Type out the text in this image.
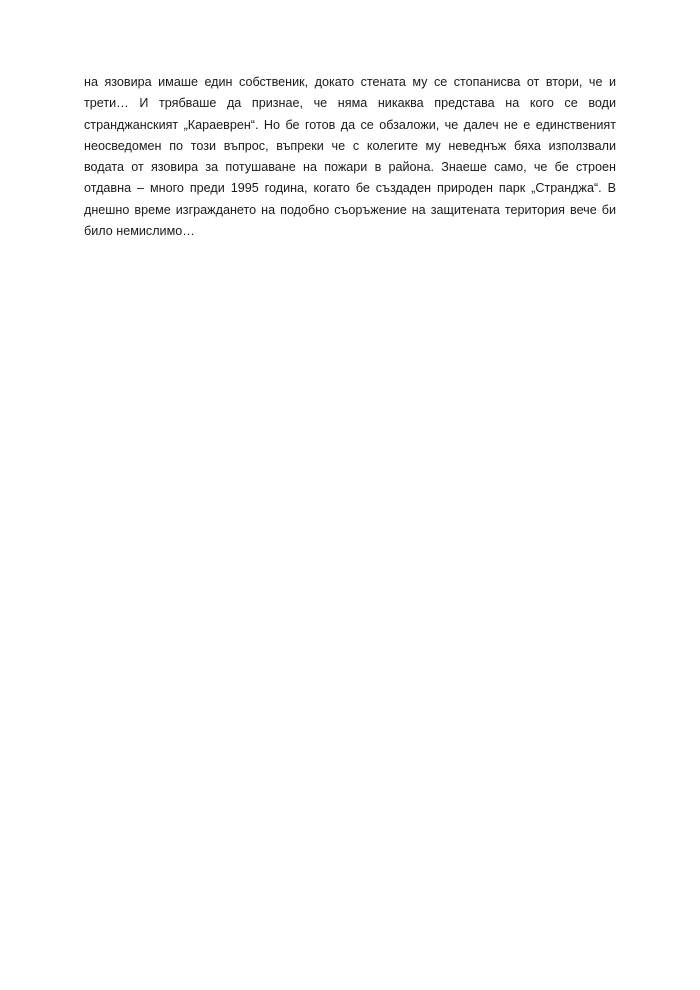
на язовира имаше един собственик, докато стената му се стопанисва от втори, че и
трети… И трябваше да признае, че няма никаква представа на кого се води
странджанският „Караеврен“. Но бе готов да се обзаложи, че далеч не е единственият
неосведомен по този въпрос, въпреки че с колегите му неведнъж бяха използвали
водата от язовира за потушаване на пожари в района. Знаеше само, че бе строен
отдавна – много преди 1995 година, когато бе създаден природен парк „Странджа“. В
днешно време изграждането на подобно съоръжение на защитената територия вече би
било немислимо…
